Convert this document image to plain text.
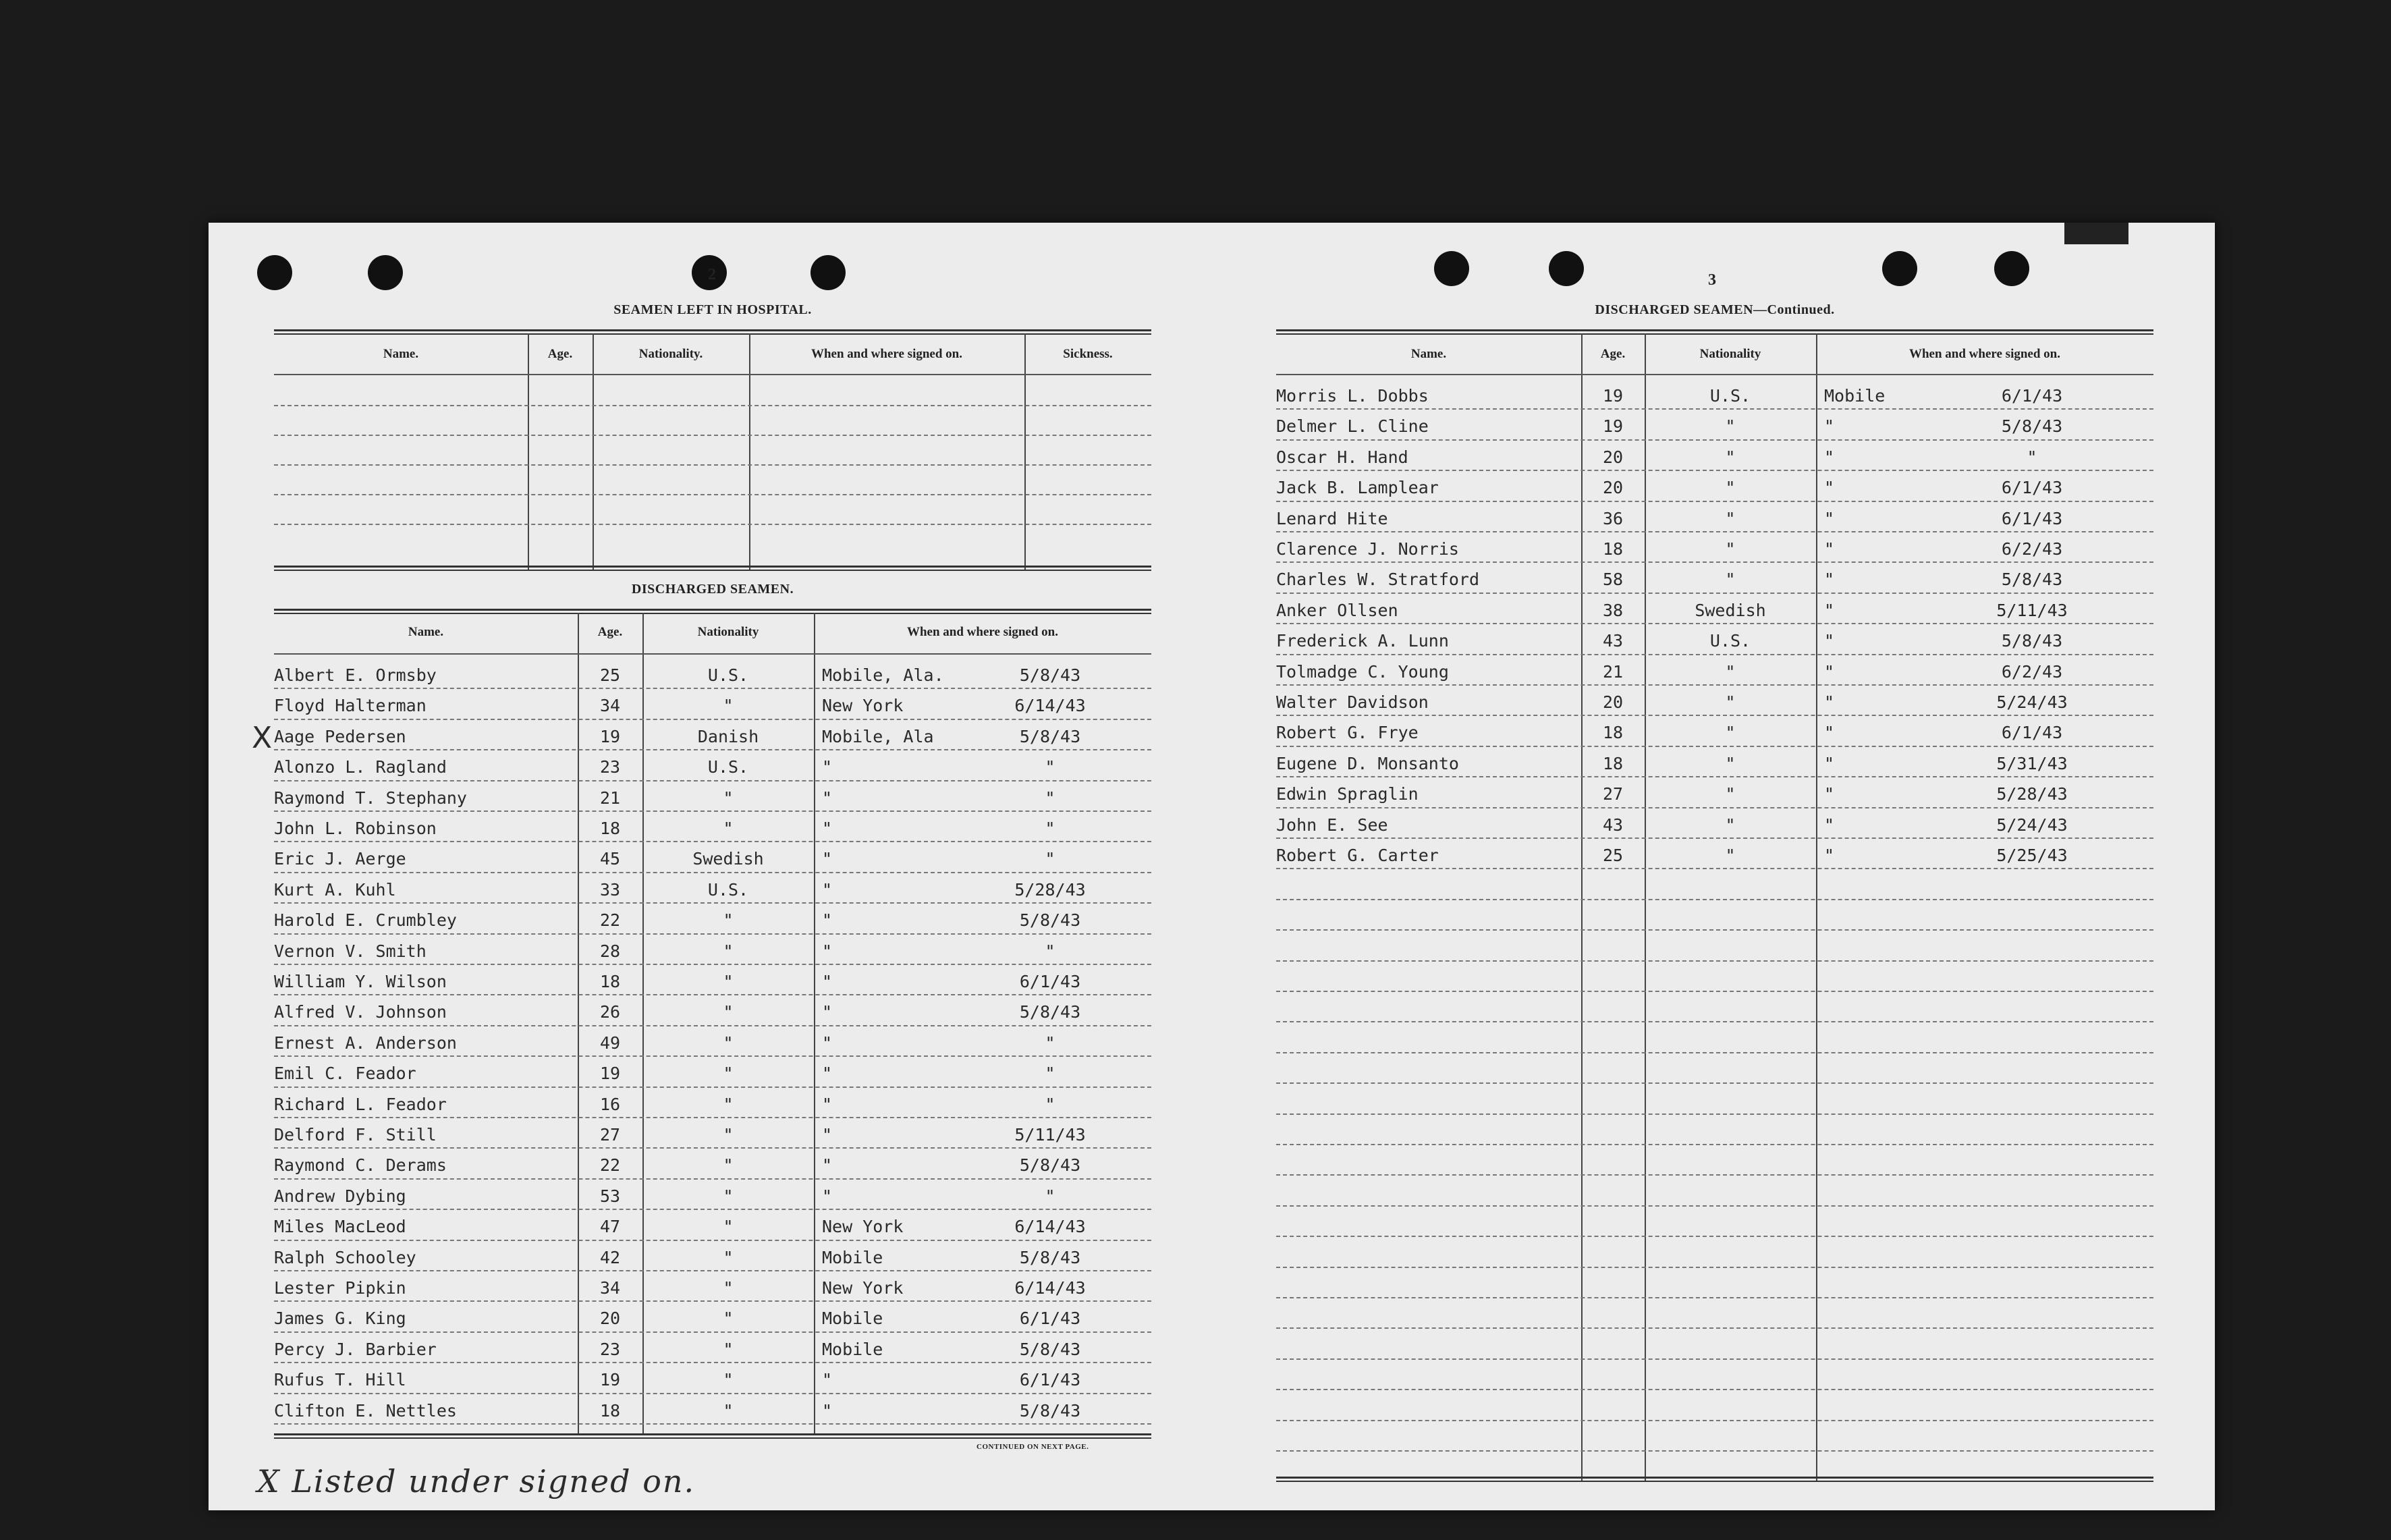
2
SEAMEN LEFT IN HOSPITAL.
Name.	Age.	Nationality.	When and where signed on.	Sickness.
DISCHARGED SEAMEN.
Name.	Age.	Nationality	When and where signed on.
Albert E. Ormsby	25	U.S.	Mobile, Ala.	5/8/43
Floyd Halterman	34	"	New York	6/14/43
Aage Pedersen	19	Danish	Mobile, Ala	5/8/43
Alonzo L. Ragland	23	U.S.	"	"
Raymond T. Stephany	21	"	"	"
John L. Robinson	18	"	"	"
Eric J. Aerge	45	Swedish	"	"
Kurt A. Kuhl	33	U.S.	"	5/28/43
Harold E. Crumbley	22	"	"	5/8/43
Vernon V. Smith	28	"	"	"
William Y. Wilson	18	"	"	6/1/43
Alfred V. Johnson	26	"	"	5/8/43
Ernest A. Anderson	49	"	"	"
Emil C. Feador	19	"	"	"
Richard L. Feador	16	"	"	"
Delford F. Still	27	"	"	5/11/43
Raymond C. Derams	22	"	"	5/8/43
Andrew Dybing	53	"	"	"
Miles MacLeod	47	"	New York	6/14/43
Ralph Schooley	42	"	Mobile	5/8/43
Lester Pipkin	34	"	New York	6/14/43
James G. King	20	"	Mobile	6/1/43
Percy J. Barbier	23	"	Mobile	5/8/43
Rufus T. Hill	19	"	"	6/1/43
Clifton E. Nettles	18	"	"	5/8/43
CONTINUED ON NEXT PAGE.
X
X Listed under signed on.
3
DISCHARGED SEAMEN—Continued.
Name.	Age.	Nationality	When and where signed on.
Morris L. Dobbs	19	U.S.	Mobile	6/1/43
Delmer L. Cline	19	"	"	5/8/43
Oscar H. Hand	20	"	"	"
Jack B. Lamplear	20	"	"	6/1/43
Lenard Hite	36	"	"	6/1/43
Clarence J. Norris	18	"	"	6/2/43
Charles W. Stratford	58	"	"	5/8/43
Anker Ollsen	38	Swedish	"	5/11/43
Frederick A. Lunn	43	U.S.	"	5/8/43
Tolmadge C. Young	21	"	"	6/2/43
Walter Davidson	20	"	"	5/24/43
Robert G. Frye	18	"	"	6/1/43
Eugene D. Monsanto	18	"	"	5/31/43
Edwin Spraglin	27	"	"	5/28/43
John E. See	43	"	"	5/24/43
Robert G. Carter	25	"	"	5/25/43
